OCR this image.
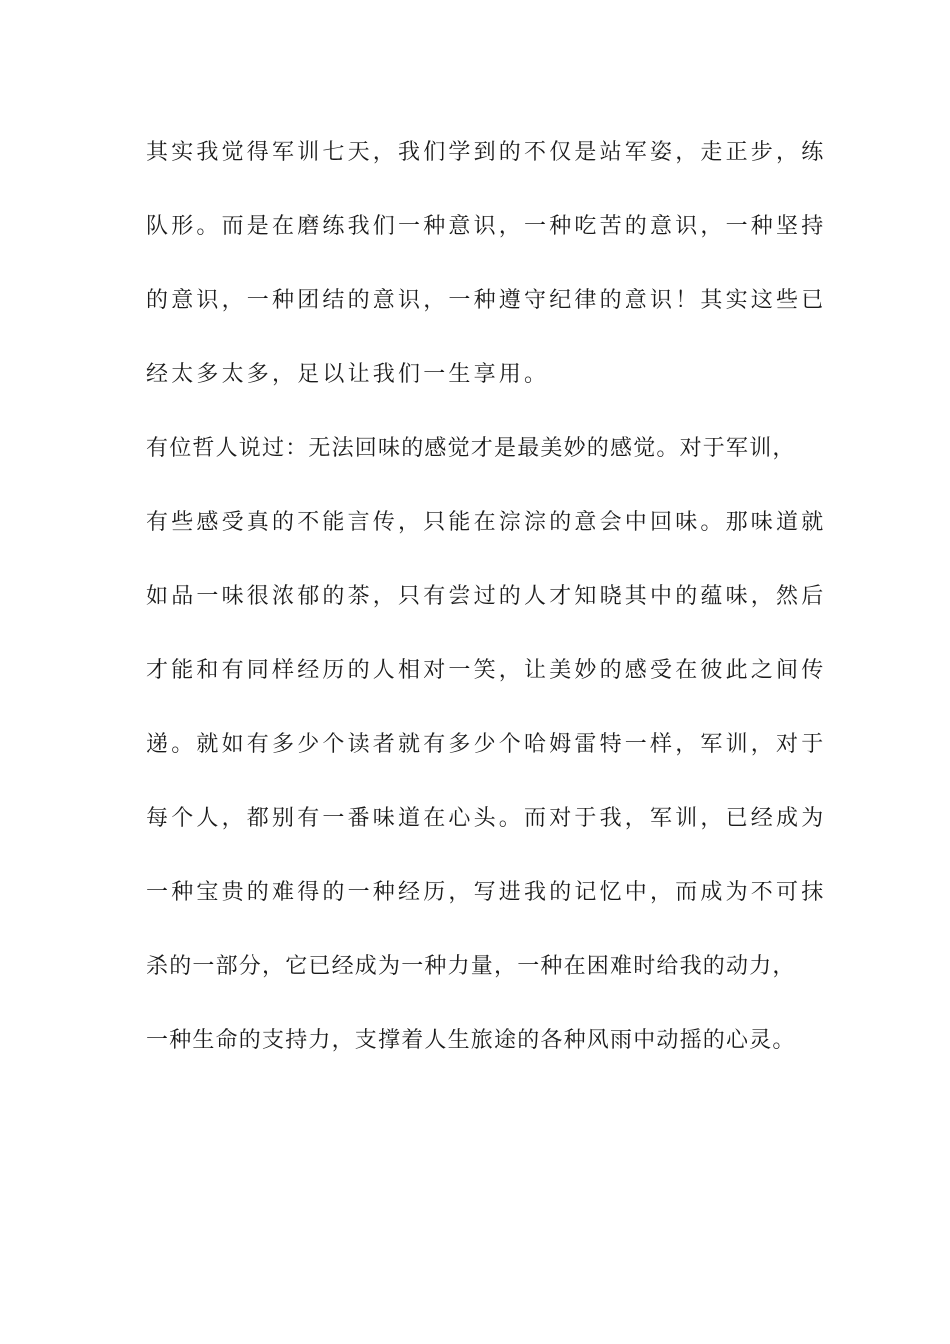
其实我觉得军训七天，我们学到的不仅是站军姿，走正步，练
队形。而是在磨练我们一种意识，一种吃苦的意识，一种坚持
的意识，一种团结的意识，一种遵守纪律的意识！其实这些已
经太多太多，足以让我们一生享用。
有位哲人说过：无法回味的感觉才是最美妙的感觉。对于军训，
有些感受真的不能言传，只能在淙淙的意会中回味。那味道就
如品一味很浓郁的茶，只有尝过的人才知晓其中的蕴味，然后
才能和有同样经历的人相对一笑，让美妙的感受在彼此之间传
递。就如有多少个读者就有多少个哈姆雷特一样，军训，对于
每个人，都别有一番味道在心头。而对于我，军训，已经成为
一种宝贵的难得的一种经历，写进我的记忆中，而成为不可抹
杀的一部分，它已经成为一种力量，一种在困难时给我的动力，
一种生命的支持力，支撑着人生旅途的各种风雨中动摇的心灵。
